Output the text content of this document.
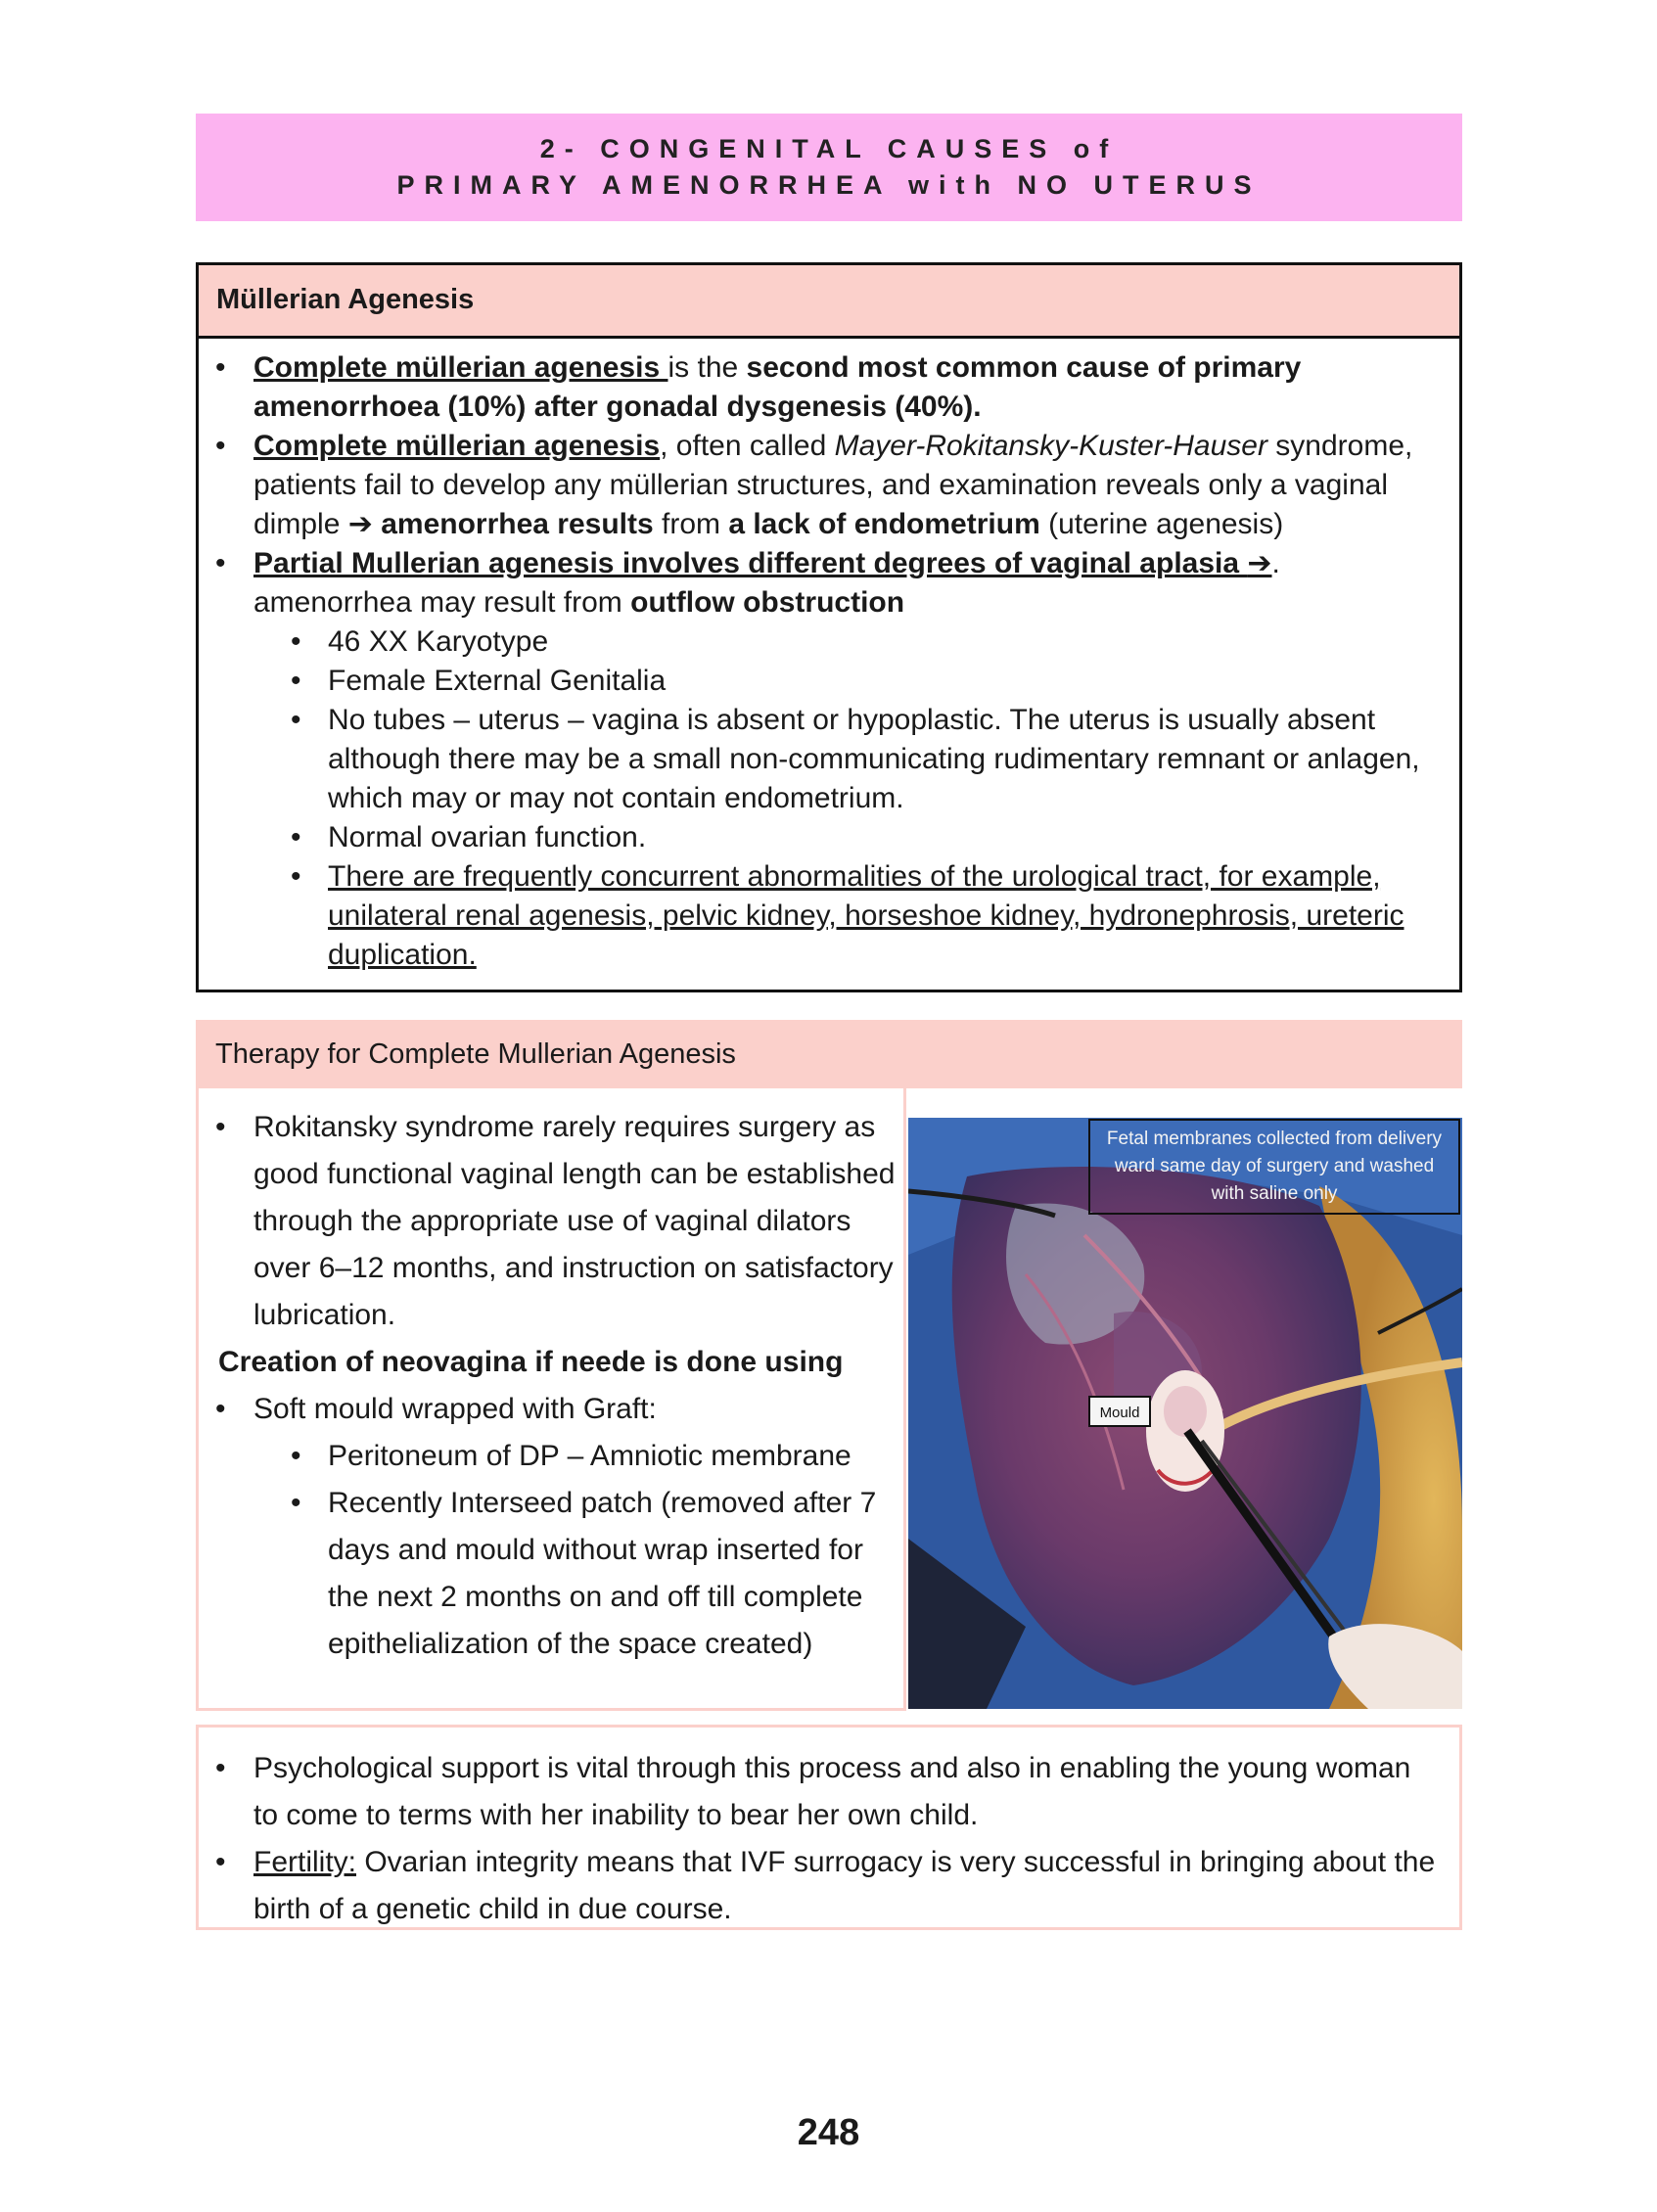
2- CONGENITAL CAUSES of
PRIMARY AMENORRHEA with NO UTERUS
Müllerian Agenesis
• Complete müllerian agenesis is the second most common cause of primary amenorrhoea (10%) after gonadal dysgenesis (40%).
• Complete müllerian agenesis, often called Mayer-Rokitansky-Kuster-Hauser syndrome, patients fail to develop any müllerian structures, and examination reveals only a vaginal dimple ➔ amenorrhea results from a lack of endometrium (uterine agenesis)
• Partial Mullerian agenesis involves different degrees of vaginal aplasia ➔. amenorrhea may result from outflow obstruction
• 46 XX Karyotype
• Female External Genitalia
• No tubes – uterus – vagina is absent or hypoplastic. The uterus is usually absent although there may be a small non-communicating rudimentary remnant or anlagen, which may or may not contain endometrium.
• Normal ovarian function.
• There are frequently concurrent abnormalities of the urological tract, for example, unilateral renal agenesis, pelvic kidney, horseshoe kidney, hydronephrosis, ureteric duplication.
Therapy for Complete Mullerian Agenesis
• Rokitansky syndrome rarely requires surgery as good functional vaginal length can be established through the appropriate use of vaginal dilators over 6–12 months, and instruction on satisfactory lubrication.
Creation of neovagina if neede is done using
• Soft mould wrapped with Graft:
• Peritoneum of DP – Amniotic membrane
• Recently Interseed patch (removed after 7 days and mould without wrap inserted for the next 2 months on and off till complete epithelialization of the space created)
Mould
Fetal membranes collected from delivery ward same day of surgery and washed with saline only
• Psychological support is vital through this process and also in enabling the young woman to come to terms with her inability to bear her own child.
• Fertility: Ovarian integrity means that IVF surrogacy is very successful in bringing about the birth of a genetic child in due course.
248
